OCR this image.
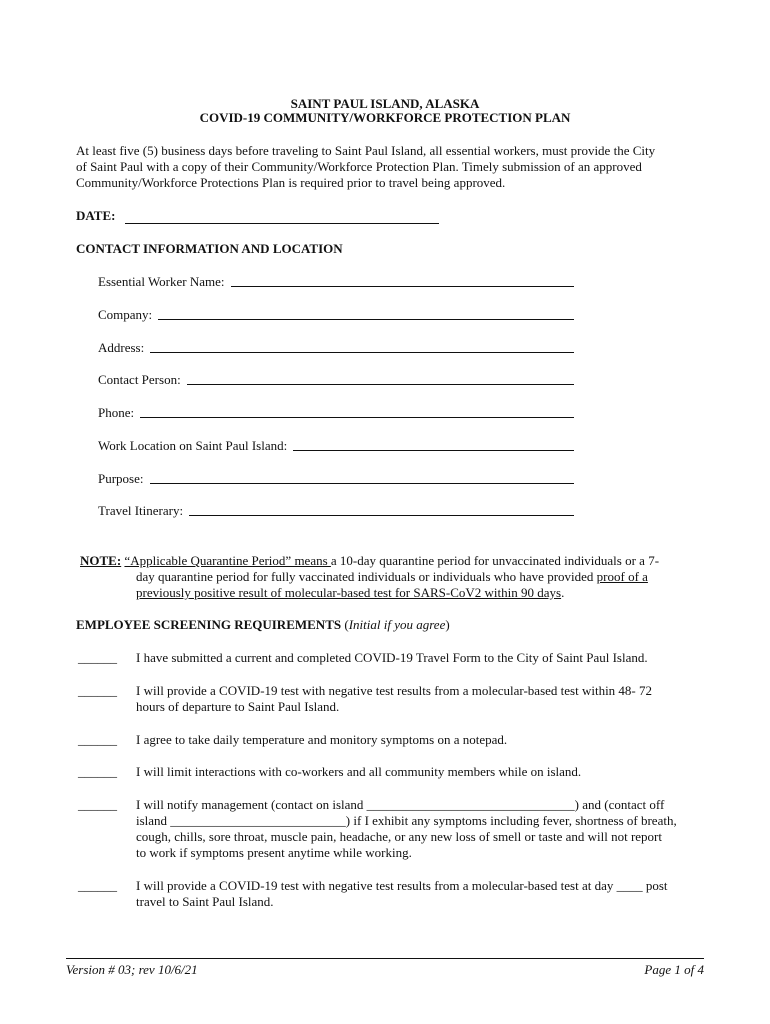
SAINT PAUL ISLAND, ALASKA
COVID-19 COMMUNITY/WORKFORCE PROTECTION PLAN
At least five (5) business days before traveling to Saint Paul Island, all essential workers, must provide the City
of Saint Paul with a copy of their Community/Workforce Protection Plan. Timely submission of an approved
Community/Workforce Protections Plan is required prior to travel being approved.
DATE:
CONTACT INFORMATION AND LOCATION
Essential Worker Name:
Company:
Address:
Contact Person:
Phone:
Work Location on Saint Paul Island:
Purpose:
Travel Itinerary:
NOTE: “Applicable Quarantine Period” means a 10-day quarantine period for unvaccinated individuals or a 7-
day quarantine period for fully vaccinated individuals or individuals who have provided proof of a
previously positive result of molecular-based test for SARS-CoV2 within 90 days.
EMPLOYEE SCREENING REQUIREMENTS (Initial if you agree)
______ I have submitted a current and completed COVID-19 Travel Form to the City of Saint Paul Island.
______ I will provide a COVID-19 test with negative test results from a molecular-based test within 48- 72
hours of departure to Saint Paul Island.
______ I agree to take daily temperature and monitory symptoms on a notepad.
______ I will limit interactions with co-workers and all community members while on island.
______ I will notify management (contact on island ________________________________) and (contact off
island ___________________________) if I exhibit any symptoms including fever, shortness of breath,
cough, chills, sore throat, muscle pain, headache, or any new loss of smell or taste and will not report
to work if symptoms present anytime while working.
______ I will provide a COVID-19 test with negative test results from a molecular-based test at day ____ post
travel to Saint Paul Island.
Version # 03; rev 10/6/21	Page 1 of 4
